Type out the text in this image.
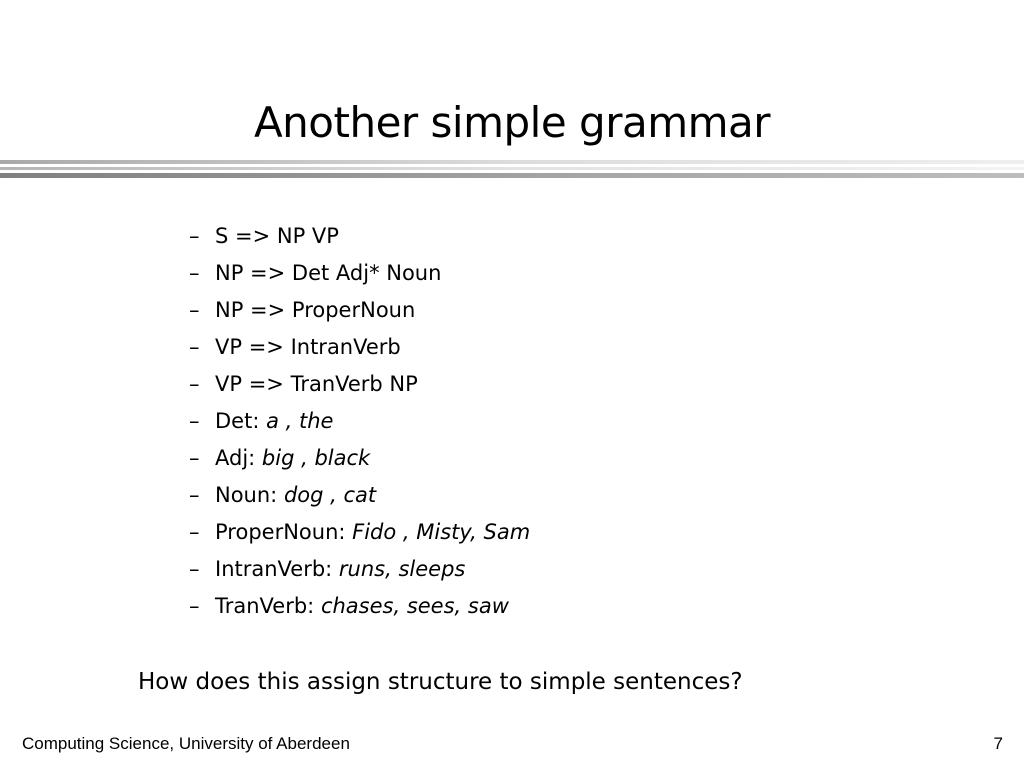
Another simple grammar
– S => NP VP
– NP => Det Adj* Noun
– NP => ProperNoun
– VP => IntranVerb
– VP => TranVerb NP
– Det: a , the
– Adj: big , black
– Noun: dog , cat
– ProperNoun: Fido , Misty, Sam
– IntranVerb: runs, sleeps
– TranVerb: chases, sees, saw
How does this assign structure to simple sentences?
Computing Science, University of Aberdeen	7
